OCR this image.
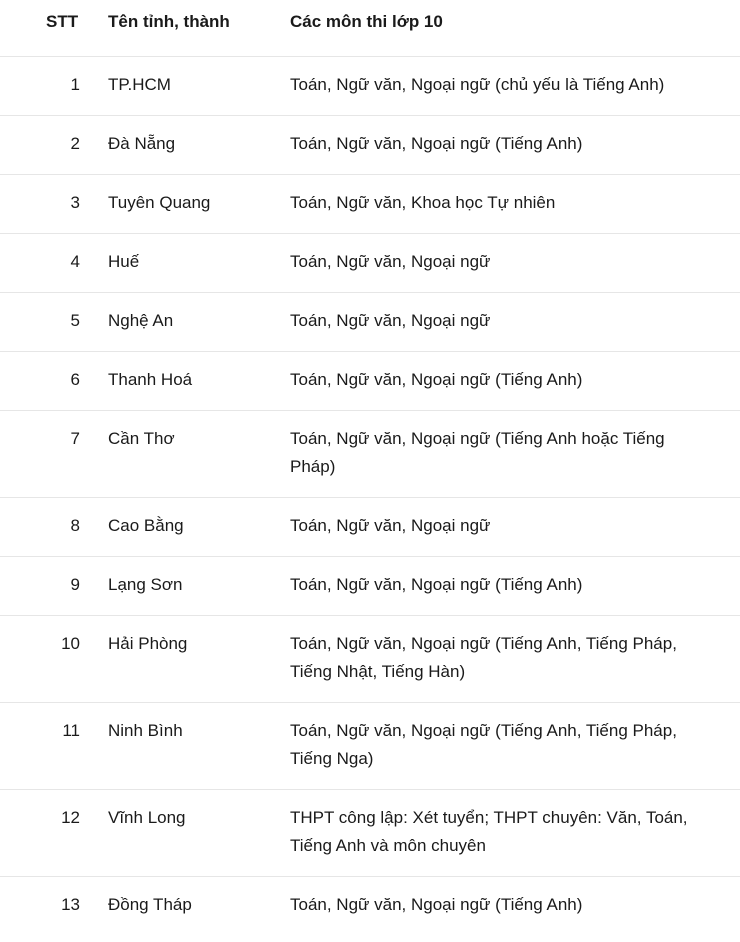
STT	Tên tỉnh, thành	Các môn thi lớp 10
1	TP.HCM	Toán, Ngữ văn, Ngoại ngữ (chủ yếu là Tiếng Anh)
2	Đà Nẵng	Toán, Ngữ văn, Ngoại ngữ (Tiếng Anh)
3	Tuyên Quang	Toán, Ngữ văn, Khoa học Tự nhiên
4	Huế	Toán, Ngữ văn, Ngoại ngữ
5	Nghệ An	Toán, Ngữ văn, Ngoại ngữ
6	Thanh Hoá	Toán, Ngữ văn, Ngoại ngữ (Tiếng Anh)
7	Cần Thơ	Toán, Ngữ văn, Ngoại ngữ (Tiếng Anh hoặc Tiếng Pháp)
8	Cao Bằng	Toán, Ngữ văn, Ngoại ngữ
9	Lạng Sơn	Toán, Ngữ văn, Ngoại ngữ (Tiếng Anh)
10	Hải Phòng	Toán, Ngữ văn, Ngoại ngữ (Tiếng Anh, Tiếng Pháp, Tiếng Nhật, Tiếng Hàn)
11	Ninh Bình	Toán, Ngữ văn, Ngoại ngữ (Tiếng Anh, Tiếng Pháp, Tiếng Nga)
12	Vĩnh Long	THPT công lập: Xét tuyển; THPT chuyên: Văn, Toán, Tiếng Anh và môn chuyên
13	Đồng Tháp	Toán, Ngữ văn, Ngoại ngữ (Tiếng Anh)
